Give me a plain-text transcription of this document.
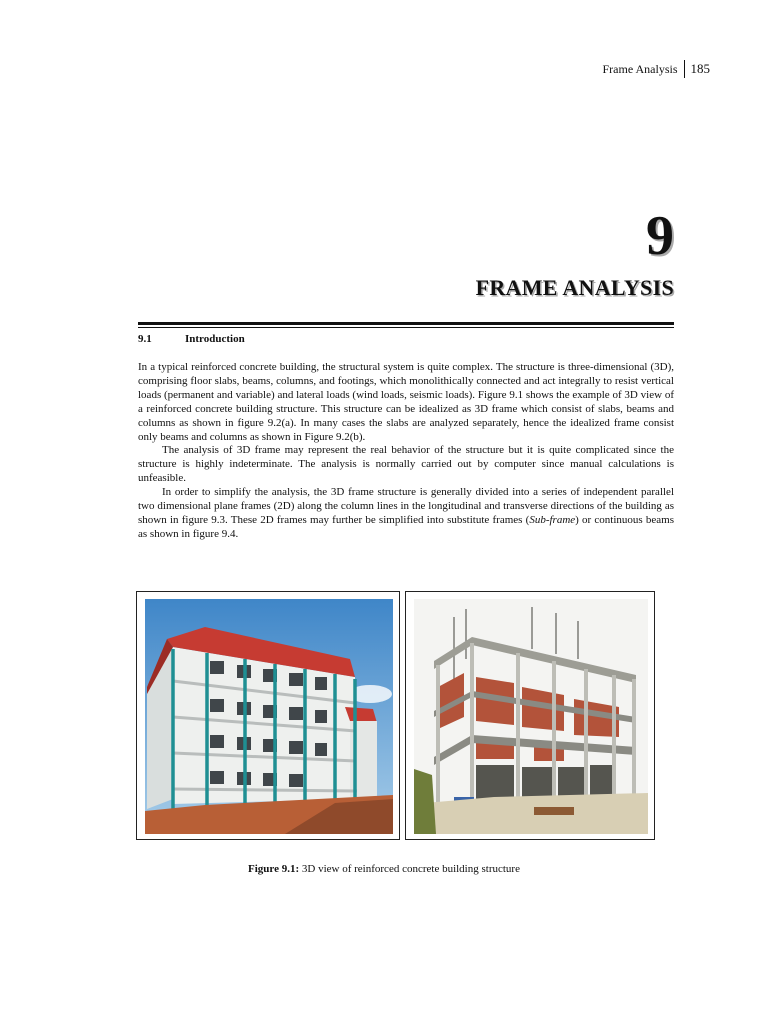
Frame Analysis	185
9
FRAME ANALYSIS
9.1	Introduction

In a typical reinforced concrete building, the structural system is quite complex. The structure is three-dimensional (3D), comprising floor slabs, beams, columns, and footings, which monolithically connected and act integrally to resist vertical loads (permanent and variable) and lateral loads (wind loads, seismic loads). Figure 9.1 shows the example of 3D view of a reinforced concrete building structure. This structure can be idealized as 3D frame which consist of slabs, beams and columns as shown in figure 9.2(a). In many cases the slabs are analyzed separately, hence the idealized frame consist only beams and columns as shown in Figure 9.2(b).

The analysis of 3D frame may represent the real behavior of the structure but it is quite complicated since the structure is highly indeterminate. The analysis is normally carried out by computer since manual calculations is unfeasible.

In order to simplify the analysis, the 3D frame structure is generally divided into a series of independent parallel two dimensional plane frames (2D) along the column lines in the longitudinal and transverse directions of the building as shown in figure 9.3. These 2D frames may further be simplified into substitute frames (Sub-frame) or continuous beams as shown in figure 9.4.

Figure 9.1: 3D view of reinforced concrete building structure
